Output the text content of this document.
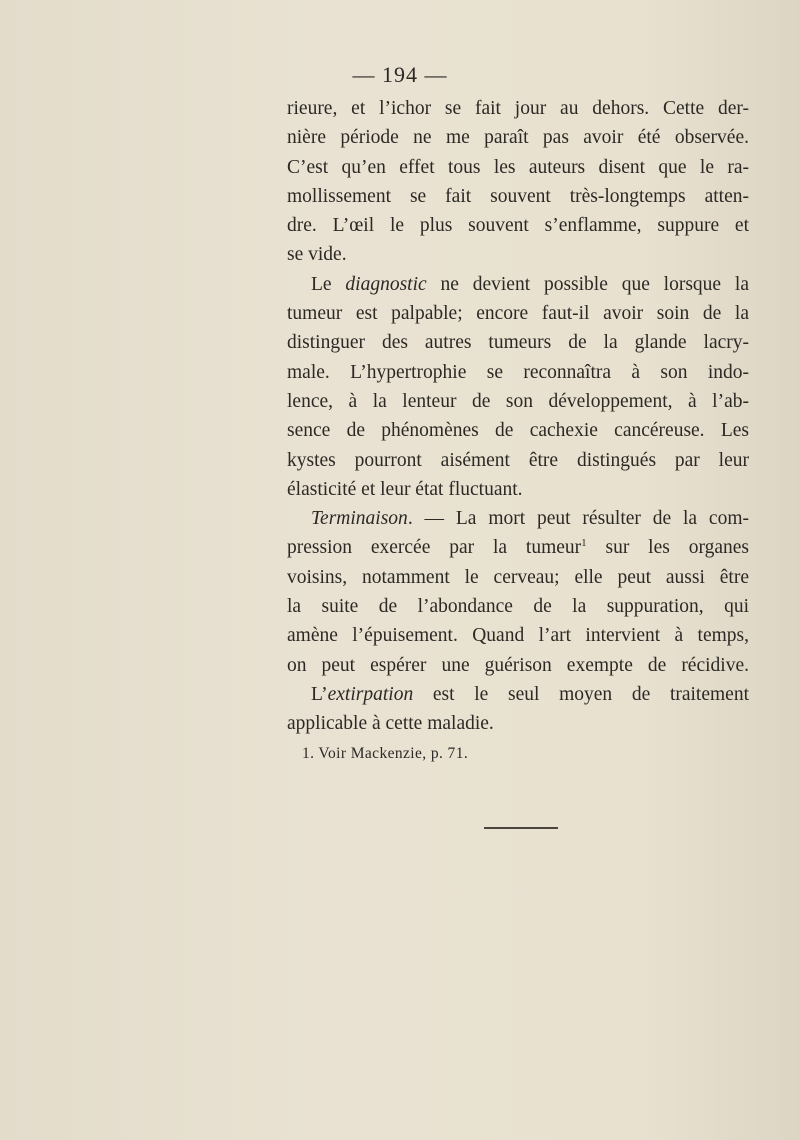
— 194 —
rieure, et l’ichor se fait jour au dehors. Cette der-
nière période ne me paraît pas avoir été observée.
C’est qu’en effet tous les auteurs disent que le ra-
mollissement se fait souvent très-longtemps atten-
dre. L’œil le plus souvent s’enflamme, suppure et
se vide.
Le diagnostic ne devient possible que lorsque la
tumeur est palpable; encore faut-il avoir soin de la
distinguer des autres tumeurs de la glande lacry-
male. L’hypertrophie se reconnaîtra à son indo-
lence, à la lenteur de son développement, à l’ab-
sence de phénomènes de cachexie cancéreuse. Les
kystes pourront aisément être distingués par leur
élasticité et leur état fluctuant.
Terminaison. — La mort peut résulter de la com-
pression exercée par la tumeur$^1$ sur les organes
voisins, notamment le cerveau; elle peut aussi être
la suite de l’abondance de la suppuration, qui
amène l’épuisement. Quand l’art intervient à temps,
on peut espérer une guérison exempte de récidive.
L’extirpation est le seul moyen de traitement
applicable à cette maladie.
1. Voir Mackenzie, p. 71.
